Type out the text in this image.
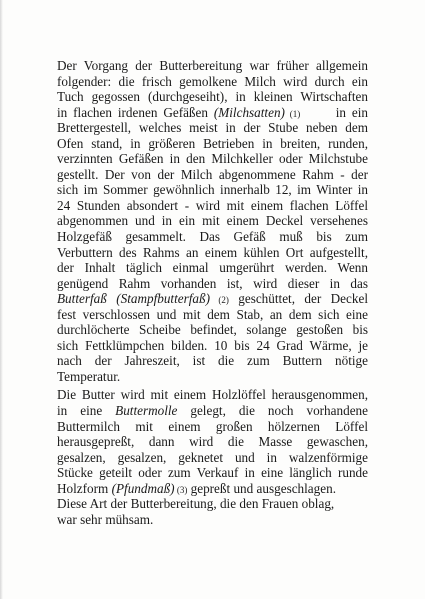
Der Vorgang der Butterbereitung war früher allgemein
folgender: die frisch gemolkene Milch wird durch ein
Tuch gegossen (durchgeseiht), in kleinen Wirtschaften
in flachen irdenen Gefäßen (Milchsatten) (1)      in ein
Brettergestell, welches meist in der Stube neben dem
Ofen stand, in größeren Betrieben in breiten, runden,
verzinnten Gefäßen in den Milchkeller oder Milchstube
gestellt. Der von der Milch abgenommene Rahm - der
sich im Sommer gewöhnlich innerhalb 12, im Winter in
24 Stunden absondert - wird mit einem flachen Löffel
abgenommen und in ein mit einem Deckel versehenes
Holzgefäß gesammelt. Das Gefäß muß bis zum
Verbuttern des Rahms an einem kühlen Ort aufgestellt,
der Inhalt täglich einmal umgerührt werden. Wenn
genügend Rahm vorhanden ist, wird dieser in das
Butterfaß (Stampfbutterfaß) (2) geschüttet, der Deckel
fest verschlossen und mit dem Stab, an dem sich eine
durchlöcherte Scheibe befindet, solange gestoßen bis
sich Fettklümpchen bilden. 10 bis 24 Grad Wärme, je
nach der Jahreszeit, ist die zum Buttern nötige
Temperatur.
Die Butter wird mit einem Holzlöffel herausgenommen,
in eine Buttermolle gelegt, die noch vorhandene
Buttermilch mit einem großen hölzernen Löffel
herausgepreßt, dann wird die Masse gewaschen,
gesalzen, gesalzen, geknetet und in walzenförmige
Stücke geteilt oder zum Verkauf in eine länglich runde
Holzform (Pfundmaß) (3) gepreßt und ausgeschlagen.
Diese Art der Butterbereitung, die den Frauen oblag,
war sehr mühsam.
